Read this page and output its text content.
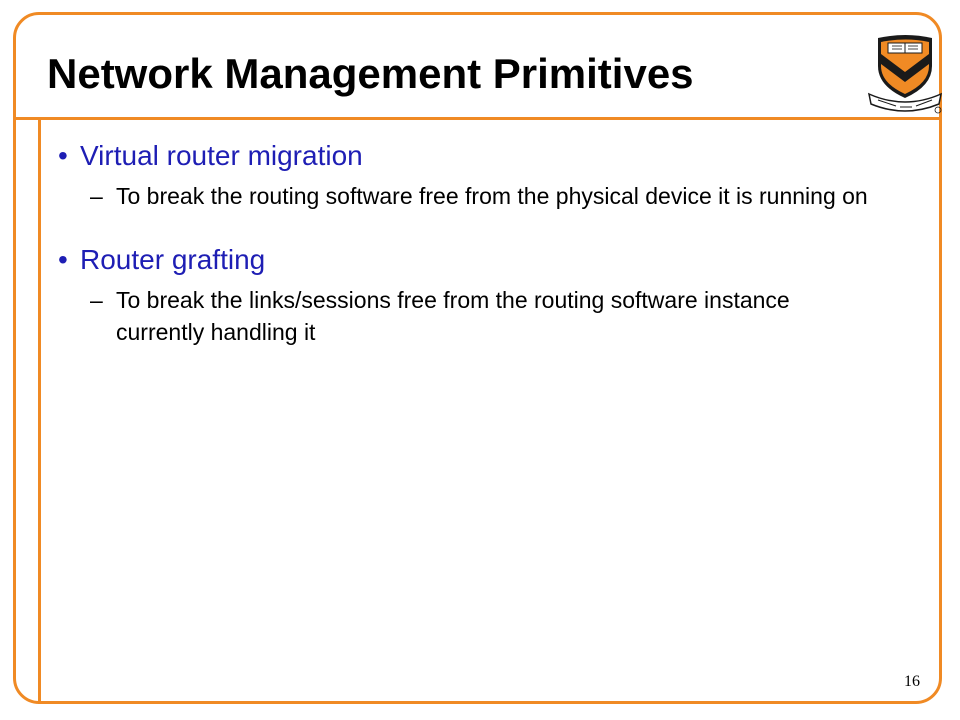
Network Management Primitives
• Virtual router migration
– To break the routing software free from the physical device it is running on
• Router grafting
– To break the links/sessions free from the routing software instance currently handling it
16
